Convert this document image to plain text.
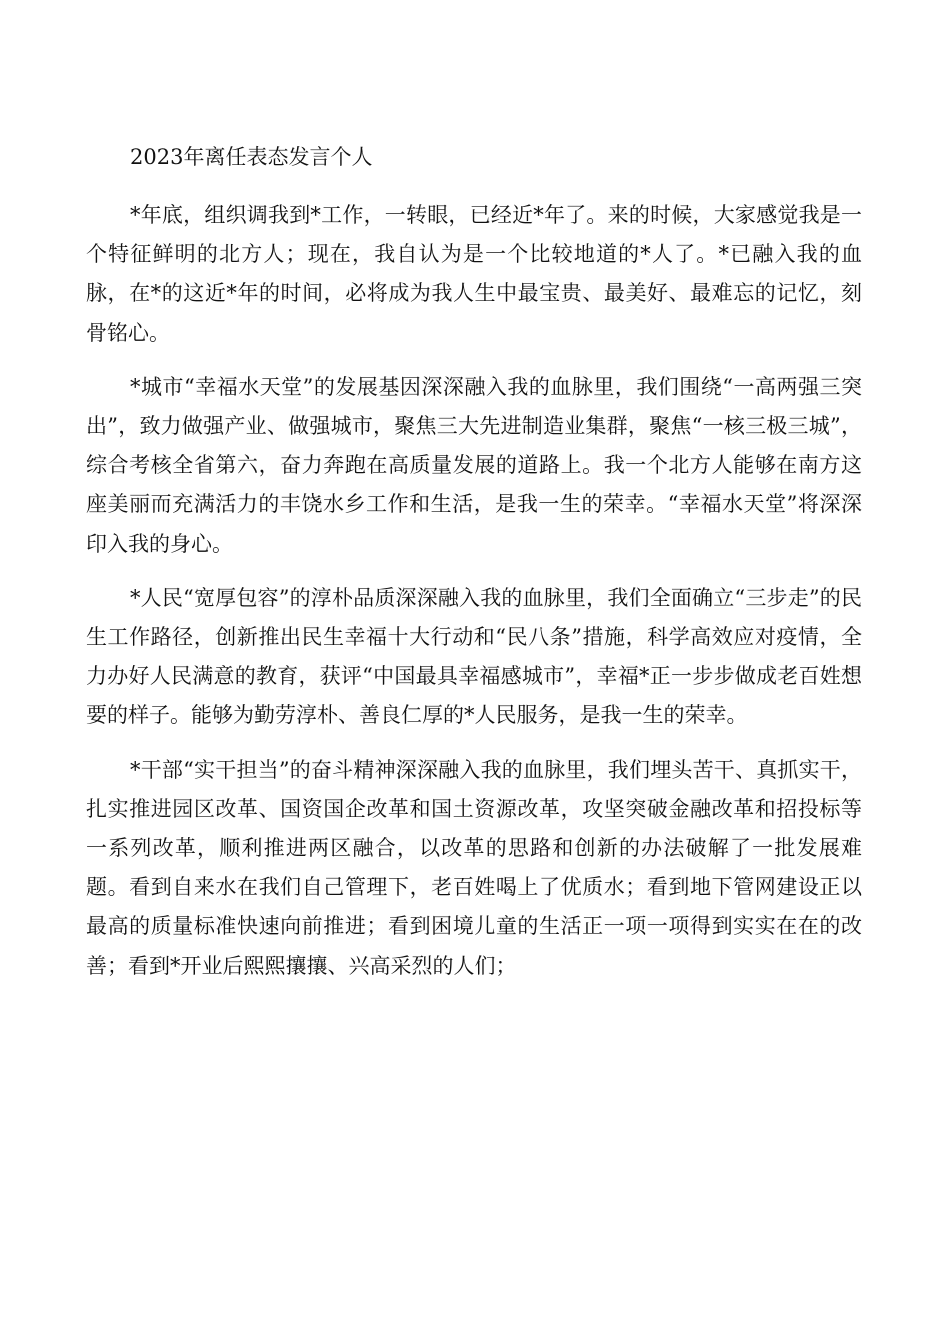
2023年离任表态发言个人

*年底，组织调我到*工作，一转眼，已经近*年了。来的时候，大家感觉我是一个特征鲜明的北方人；现在，我自认为是一个比较地道的*人了。*已融入我的血脉，在*的这近*年的时间，必将成为我人生中最宝贵、最美好、最难忘的记忆，刻骨铭心。

*城市“幸福水天堂”的发展基因深深融入我的血脉里，我们围绕“一高两强三突出”，致力做强产业、做强城市，聚焦三大先进制造业集群，聚焦“一核三极三城”，综合考核全省第六，奋力奔跑在高质量发展的道路上。我一个北方人能够在南方这座美丽而充满活力的丰饶水乡工作和生活，是我一生的荣幸。“幸福水天堂”将深深印入我的身心。

*人民“宽厚包容”的淳朴品质深深融入我的血脉里，我们全面确立“三步走”的民生工作路径，创新推出民生幸福十大行动和“民八条”措施，科学高效应对疫情，全力办好人民满意的教育，获评“中国最具幸福感城市”，幸福*正一步步做成老百姓想要的样子。能够为勤劳淳朴、善良仁厚的*人民服务，是我一生的荣幸。

*干部“实干担当”的奋斗精神深深融入我的血脉里，我们埋头苦干、真抓实干，扎实推进园区改革、国资国企改革和国土资源改革，攻坚突破金融改革和招投标等一系列改革，顺利推进两区融合，以改革的思路和创新的办法破解了一批发展难题。看到自来水在我们自己管理下，老百姓喝上了优质水；看到地下管网建设正以最高的质量标准快速向前推进；看到困境儿童的生活正一项一项得到实实在在的改善；看到*开业后熙熙攘攘、兴高采烈的人们；
